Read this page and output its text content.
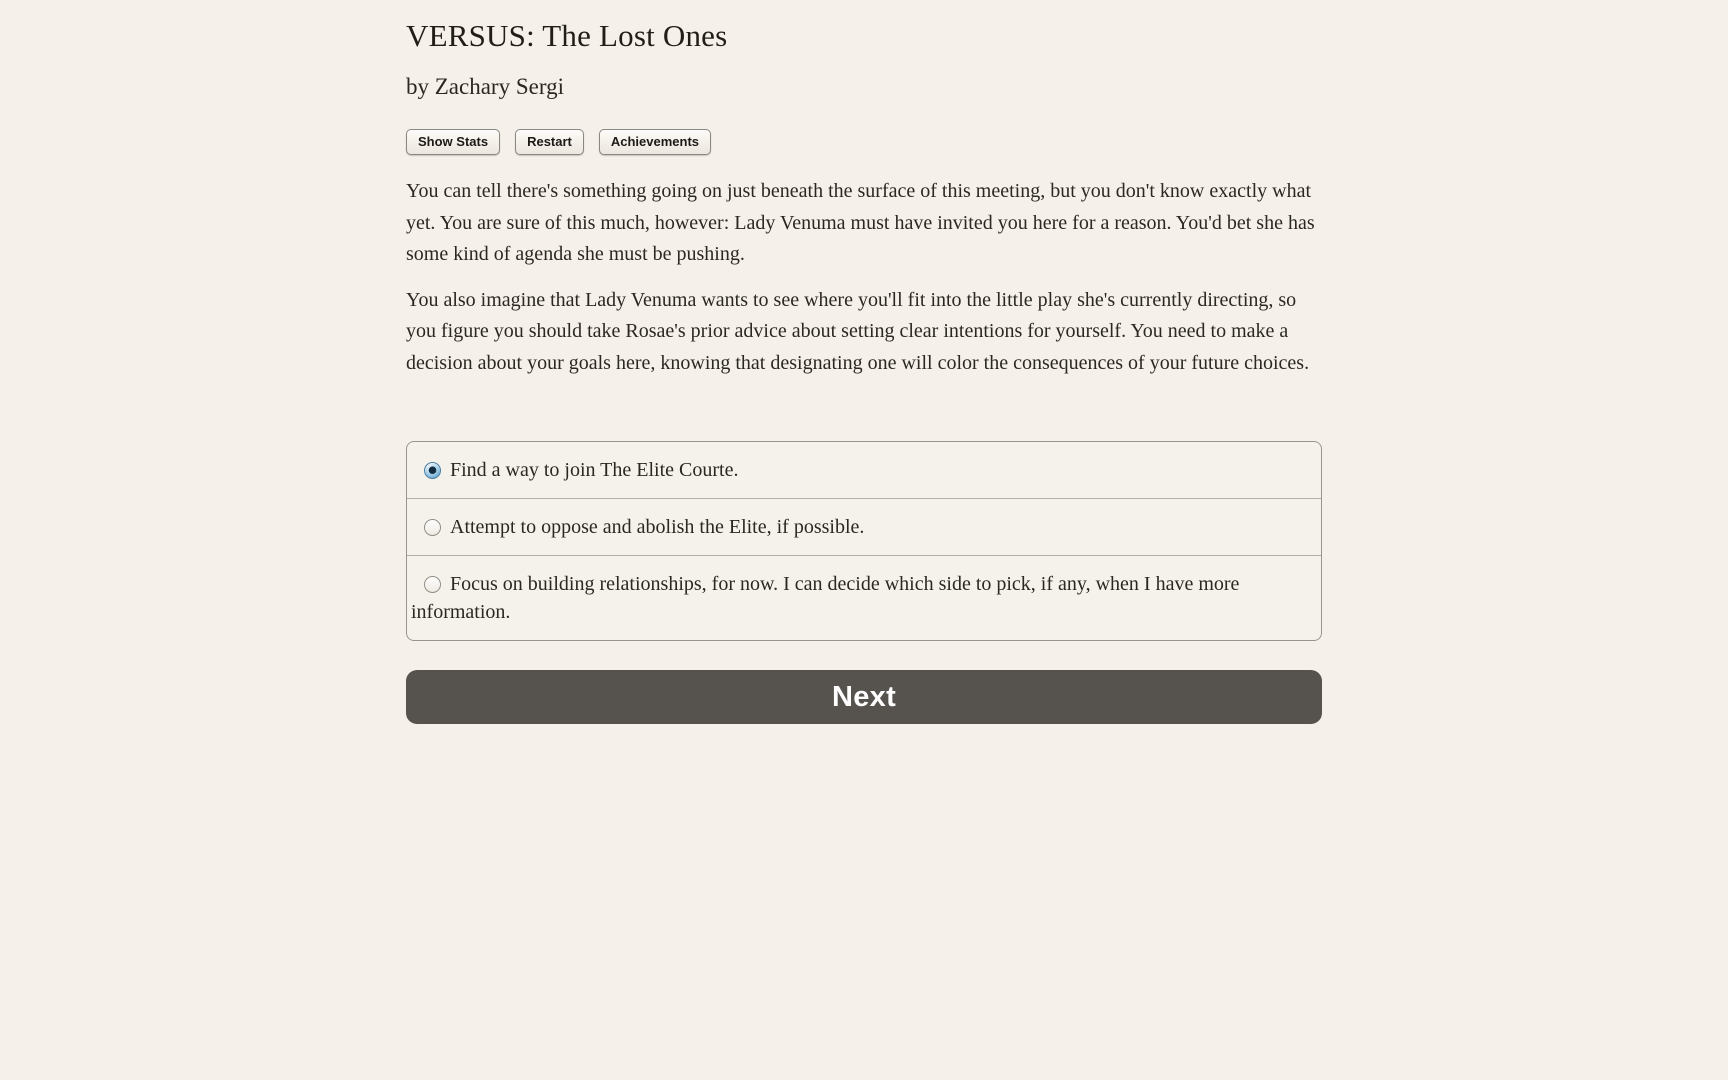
VERSUS: The Lost Ones
by Zachary Sergi
Show Stats	Restart	Achievements

You can tell there's something going on just beneath the surface of this meeting, but you don't know exactly what yet. You are sure of this much, however: Lady Venuma must have invited you here for a reason. You'd bet she has some kind of agenda she must be pushing.

You also imagine that Lady Venuma wants to see where you'll fit into the little play she's currently directing, so you figure you should take Rosae's prior advice about setting clear intentions for yourself. You need to make a decision about your goals here, knowing that designating one will color the consequences of your future choices.

Find a way to join The Elite Courte.
Attempt to oppose and abolish the Elite, if possible.
Focus on building relationships, for now. I can decide which side to pick, if any, when I have more information.
Next
